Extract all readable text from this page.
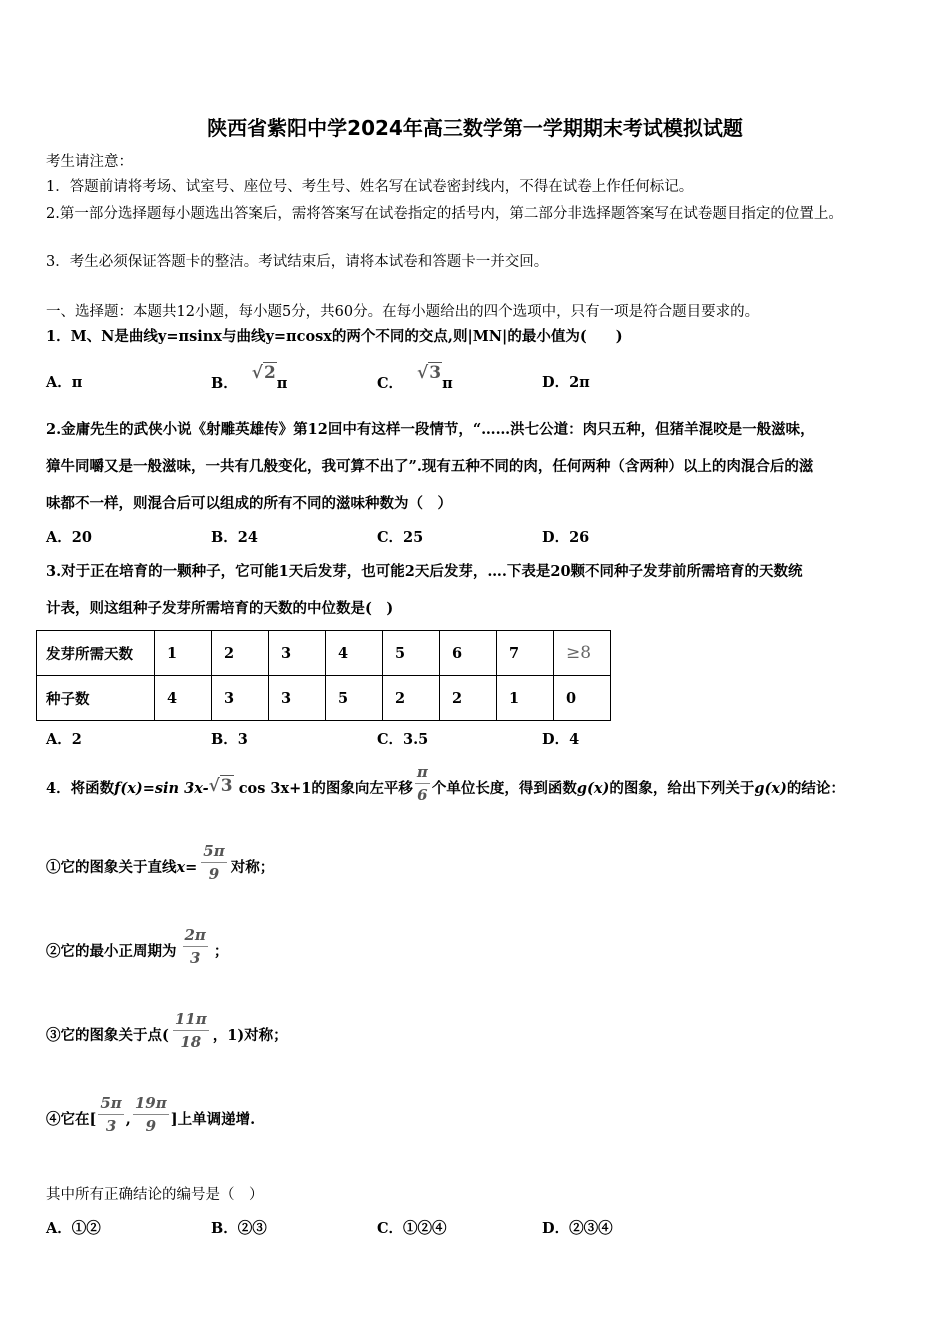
陕西省紫阳中学2024年高三数学第一学期期末考试模拟试题
考生请注意：
1．答题前请将考场、试室号、座位号、考生号、姓名写在试卷密封线内，不得在试卷上作任何标记。
2.第一部分选择题每小题选出答案后，需将答案写在试卷指定的括号内，第二部分非选择题答案写在试卷题目指定的位置上。
3．考生必须保证答题卡的整洁。考试结束后，请将本试卷和答题卡一并交回。
一、选择题：本题共12小题，每小题5分，共60分。在每小题给出的四个选项中，只有一项是符合题目要求的。
1．M、N是曲线y=πsinx与曲线y=πcosx的两个不同的交点,则|MN|的最小值为(　　)
A．π	B．√2π	C．√3π	D．2π
2.金庸先生的武侠小说《射雕英雄传》第12回中有这样一段情节，“……洪七公道：肉只五种，但猪羊混咬是一般滋味，
獐牛同嚼又是一般滋味，一共有几般变化，我可算不出了”.现有五种不同的肉，任何两种（含两种）以上的肉混合后的滋
味都不一样，则混合后可以组成的所有不同的滋味种数为（　）
A．20	B．24	C．25	D．26
3.对于正在培育的一颗种子，它可能1天后发芽，也可能2天后发芽，….下表是20颗不同种子发芽前所需培育的天数统
计表，则这组种子发芽所需培育的天数的中位数是(　)
发芽所需天数	1	2	3	4	5	6	7	≥8
种子数	4	3	3	5	2	2	1	0
A．2	B．3	C．3.5	D．4
4．将函数f(x)=sin 3x-√3 cos 3x+1的图象向左平移 $\frac{\pi}{6}$ 个单位长度，得到函数g(x)的图象，给出下列关于g(x)的结论：
①它的图象关于直线$x= \frac{5\pi}{9}$ 对称；
②它的最小正周期为 $\frac{2\pi}{3}$ ；
③它的图象关于点( $\frac{11\pi}{18}$ ，1)对称；
④它在[ $\frac{5\pi}{3}$ , $\frac{19\pi}{9}$ ]上单调递增.
其中所有正确结论的编号是（　）
A．①②	B．②③	C．①②④	D．②③④
